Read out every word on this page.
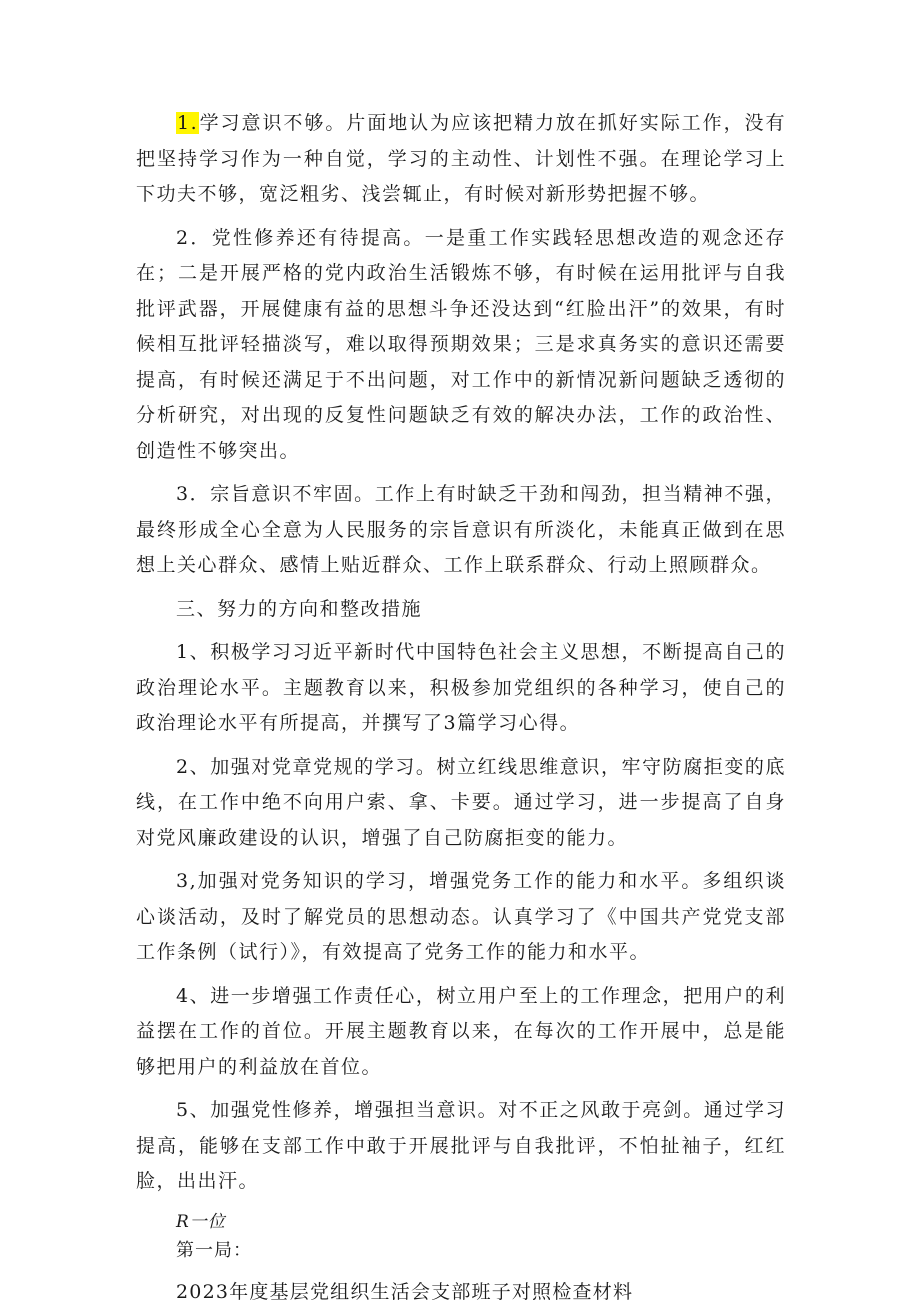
1.学习意识不够。片面地认为应该把精力放在抓好实际工作，没有把坚持学习作为一种自觉，学习的主动性、计划性不强。在理论学习上下功夫不够，宽泛粗劣、浅尝辄止，有时候对新形势把握不够。

2．党性修养还有待提高。一是重工作实践轻思想改造的观念还存在；二是开展严格的党内政治生活锻炼不够，有时候在运用批评与自我批评武器，开展健康有益的思想斗争还没达到“红脸出汗”的效果，有时候相互批评轻描淡写，难以取得预期效果；三是求真务实的意识还需要提高，有时候还满足于不出问题，对工作中的新情况新问题缺乏透彻的分析研究，对出现的反复性问题缺乏有效的解决办法，工作的政治性、创造性不够突出。

3．宗旨意识不牢固。工作上有时缺乏干劲和闯劲，担当精神不强，最终形成全心全意为人民服务的宗旨意识有所淡化，未能真正做到在思想上关心群众、感情上贴近群众、工作上联系群众、行动上照顾群众。

三、努力的方向和整改措施

1、积极学习习近平新时代中国特色社会主义思想，不断提高自己的政治理论水平。主题教育以来，积极参加党组织的各种学习，使自己的政治理论水平有所提高，并撰写了3篇学习心得。

2、加强对党章党规的学习。树立红线思维意识，牢守防腐拒变的底线，在工作中绝不向用户索、拿、卡要。通过学习，进一步提高了自身对党风廉政建设的认识，增强了自己防腐拒变的能力。

3,加强对党务知识的学习，增强党务工作的能力和水平。多组织谈心谈活动，及时了解党员的思想动态。认真学习了《中国共产党党支部工作条例（试行）》，有效提高了党务工作的能力和水平。

4、进一步增强工作责任心，树立用户至上的工作理念，把用户的利益摆在工作的首位。开展主题教育以来，在每次的工作开展中，总是能够把用户的利益放在首位。

5、加强党性修养，增强担当意识。对不正之风敢于亮剑。通过学习提高，能够在支部工作中敢于开展批评与自我批评，不怕扯袖子，红红脸，出出汗。

R一位

第一局：

2023年度基层党组织生活会支部班子对照检查材料
